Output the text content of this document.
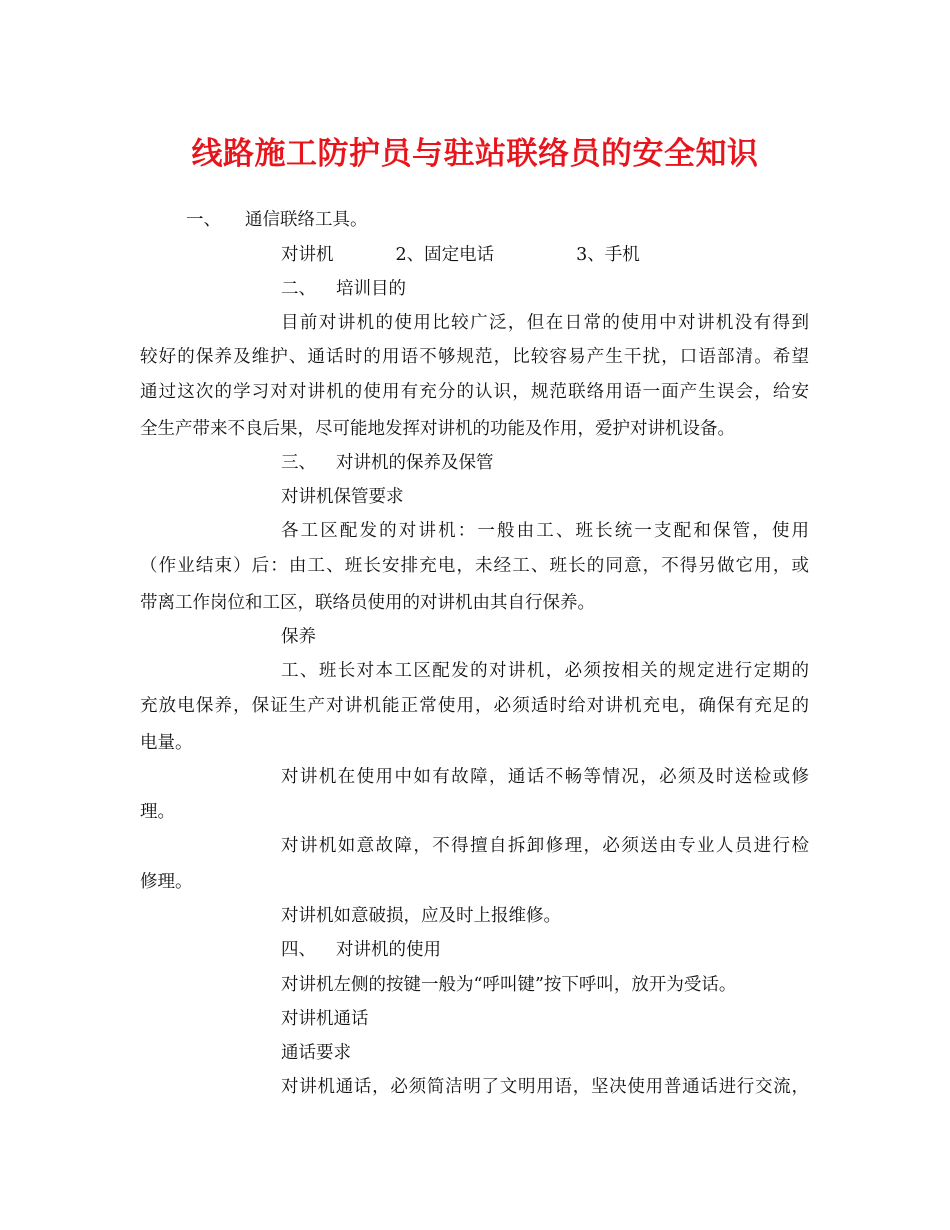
线路施工防护员与驻站联络员的安全知识
一、 通信联络工具。
对讲机	2、固定电话	3、手机
二、 培训目的
目前对讲机的使用比较广泛，但在日常的使用中对讲机没有得到
较好的保养及维护、通话时的用语不够规范，比较容易产生干扰，口语部清。希望
通过这次的学习对对讲机的使用有充分的认识，规范联络用语一面产生误会，给安
全生产带来不良后果，尽可能地发挥对讲机的功能及作用，爱护对讲机设备。
三、 对讲机的保养及保管
对讲机保管要求
各工区配发的对讲机：一般由工、班长统一支配和保管，使用
（作业结束）后：由工、班长安排充电，未经工、班长的同意，不得另做它用，或
带离工作岗位和工区，联络员使用的对讲机由其自行保养。
保养
工、班长对本工区配发的对讲机，必须按相关的规定进行定期的
充放电保养，保证生产对讲机能正常使用，必须适时给对讲机充电，确保有充足的
电量。
对讲机在使用中如有故障，通话不畅等情况，必须及时送检或修
理。
对讲机如意故障，不得擅自拆卸修理，必须送由专业人员进行检
修理。
对讲机如意破损，应及时上报维修。
四、 对讲机的使用
对讲机左侧的按键一般为“呼叫键”按下呼叫，放开为受话。
对讲机通话
通话要求
对讲机通话，必须简洁明了文明用语，坚决使用普通话进行交流，
